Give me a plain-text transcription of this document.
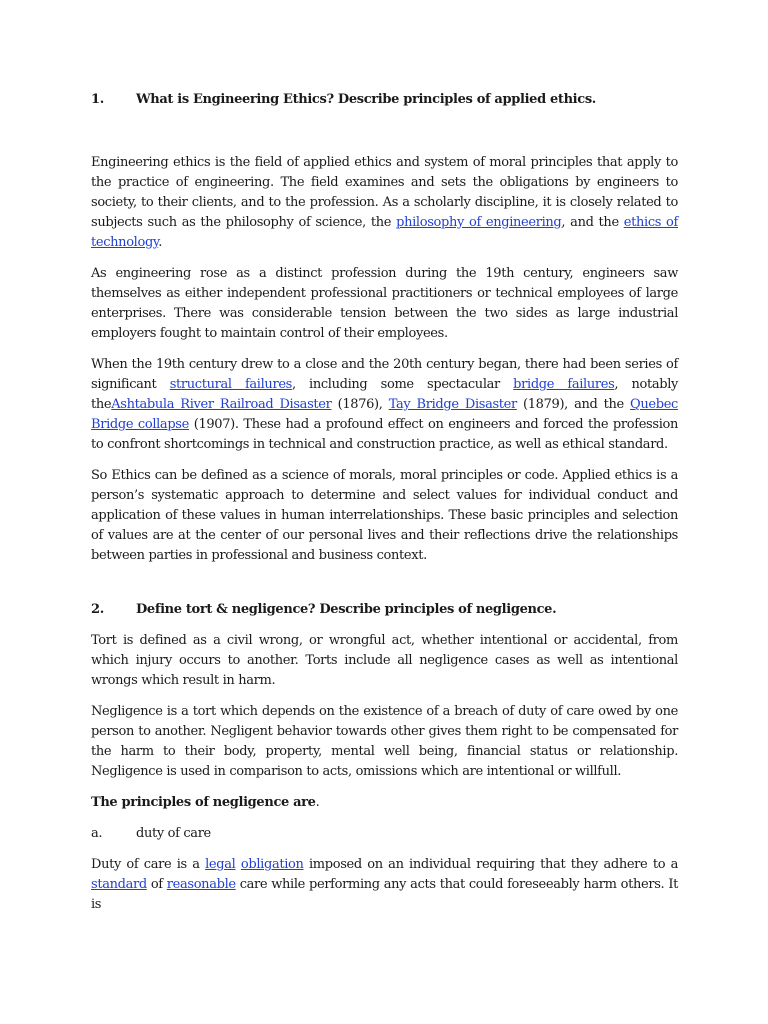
1. What is Engineering Ethics? Describe principles of applied ethics.

Engineering ethics is the field of applied ethics and system of moral principles that apply to the practice of engineering. The field examines and sets the obligations by engineers to society, to their clients, and to the profession. As a scholarly discipline, it is closely related to subjects such as the philosophy of science, the philosophy of engineering, and the ethics of technology.

As engineering rose as a distinct profession during the 19th century, engineers saw themselves as either independent professional practitioners or technical employees of large enterprises. There was considerable tension between the two sides as large industrial employers fought to maintain control of their employees.

When the 19th century drew to a close and the 20th century began, there had been series of significant structural failures, including some spectacular bridge failures, notably theAshtabula River Railroad Disaster (1876), Tay Bridge Disaster (1879), and the Quebec Bridge collapse (1907). These had a profound effect on engineers and forced the profession to confront shortcomings in technical and construction practice, as well as ethical standard.

So Ethics can be defined as a science of morals, moral principles or code. Applied ethics is a person’s systematic approach to determine and select values for individual conduct and application of these values in human interrelationships. These basic principles and selection of values are at the center of our personal lives and their reflections drive the relationships between parties in professional and business context.

2. Define tort & negligence? Describe principles of negligence.

Tort is defined as a civil wrong, or wrongful act, whether intentional or accidental, from which injury occurs to another. Torts include all negligence cases as well as intentional wrongs which result in harm.

Negligence is a tort which depends on the existence of a breach of duty of care owed by one person to another. Negligent behavior towards other gives them right to be compensated for the harm to their body, property, mental well being, financial status or relationship. Negligence is used in comparison to acts, omissions which are intentional or willfull.

The principles of negligence are.

a.	duty of care

Duty of care is a legal obligation imposed on an individual requiring that they adhere to a standard of reasonable care while performing any acts that could foreseeably harm others. It is
